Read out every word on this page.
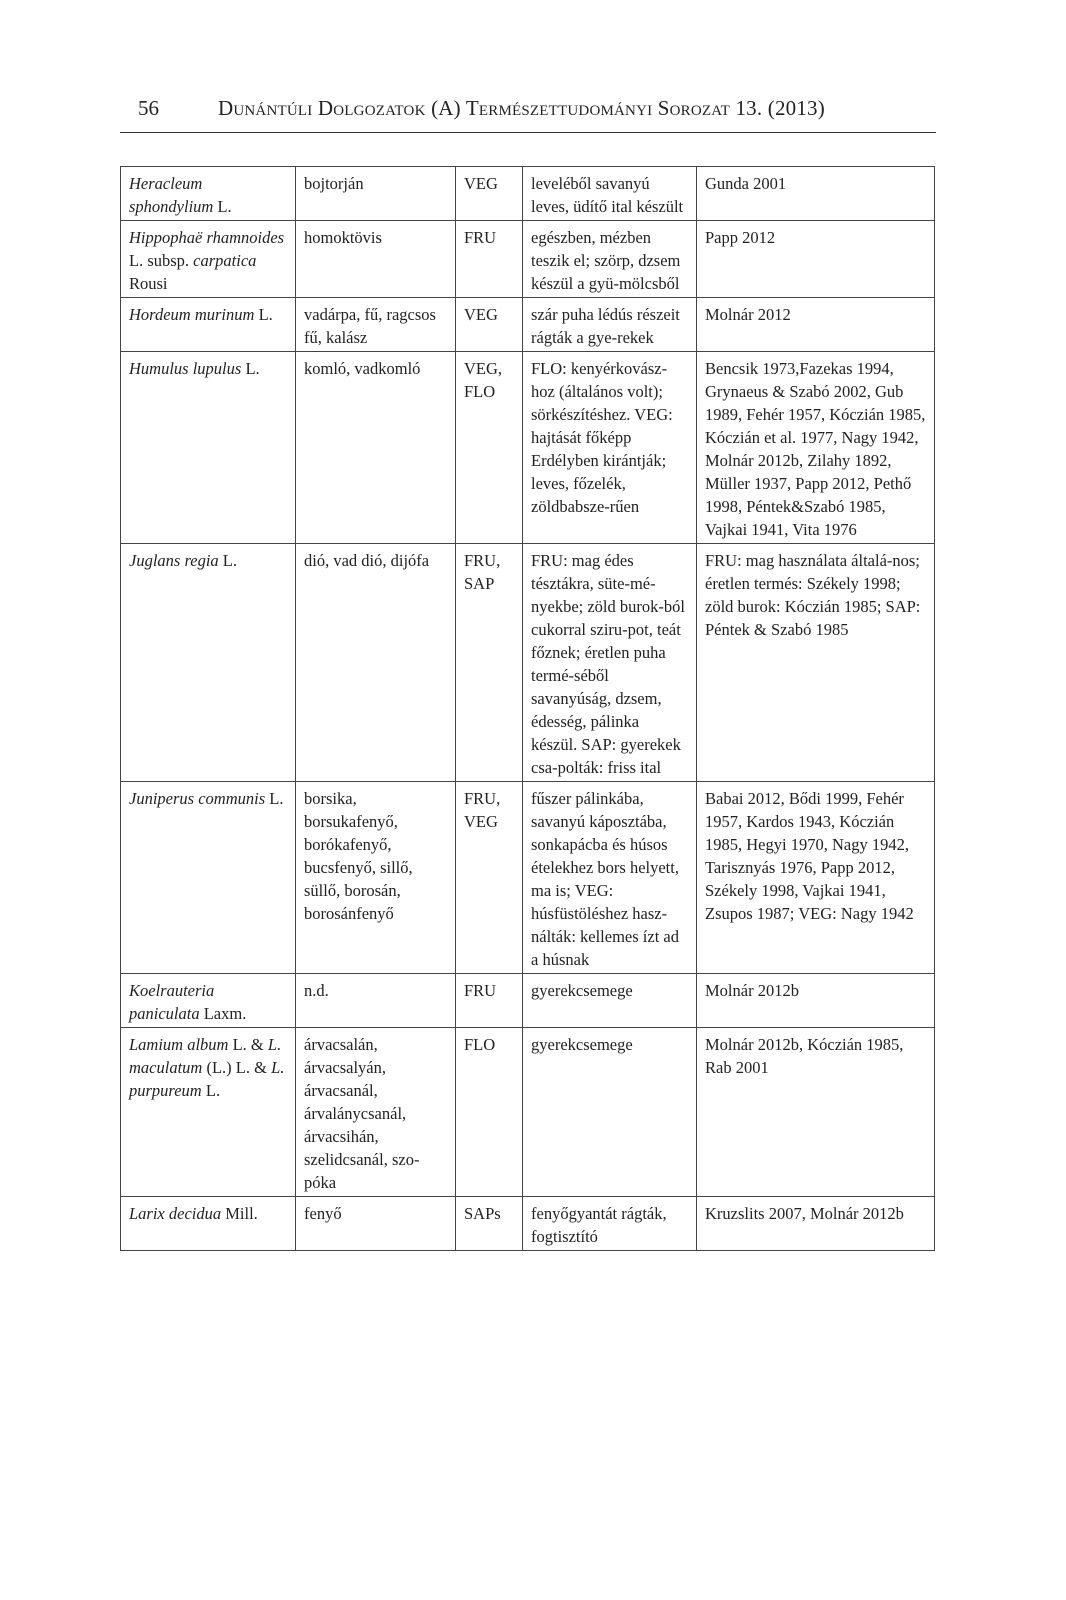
56	Dunántúli Dolgozatok (A) Természettudományi Sorozat 13. (2013)
Heracleum sphondylium L.	bojtorján	VEG	leveléből savanyú leves, üdítő ital készült	Gunda 2001
Hippophaë rhamnoides L. subsp. carpatica Rousi	homoktövis	FRU	egészben, mézben teszik el; szörp, dzsem készül a gyü-mölcsből	Papp 2012
Hordeum murinum L.	vadárpa, fű, ragcsos fű, kalász	VEG	szár puha lédús részeit rágták a gye-rekek	Molnár 2012
Humulus lupulus L.	komló, vadkomló	VEG, FLO	FLO: kenyérkovász-hoz (általános volt); sörkészítéshez. VEG: hajtását főképp Erdélyben kirántják; leves, főzelék, zöldbabsze-rűen	Bencsik 1973,Fazekas 1994, Grynaeus & Szabó 2002, Gub 1989, Fehér 1957, Kóczián 1985, Kóczián et al. 1977, Nagy 1942, Molnár 2012b, Zilahy 1892, Müller 1937, Papp 2012, Pethő 1998, Péntek&Szabó 1985, Vajkai 1941, Vita 1976
Juglans regia L.	dió, vad dió, dijófa	FRU, SAP	FRU: mag édes tésztákra, süte-mé-nyekbe; zöld burok-ból cukorral sziru-pot, teát főznek; éretlen puha termé-séből savanyúság, dzsem, édesség, pálinka készül. SAP: gyerekek csa-polták: friss ital	FRU: mag használata általá-nos; éretlen termés: Székely 1998; zöld burok: Kóczián 1985; SAP: Péntek & Szabó 1985
Juniperus communis L.	borsika, borsukafenyő, borókafenyő, bucsfenyő, sillő, süllő, borosán, borosánfenyő	FRU, VEG	fűszer pálinkába, savanyú káposztába, sonkapácba és húsos ételekhez bors helyett, ma is; VEG: húsfüstöléshez hasz-nálták: kellemes ízt ad a húsnak	Babai 2012, Bődi 1999, Fehér 1957, Kardos 1943, Kóczián 1985, Hegyi 1970, Nagy 1942, Tarisznyás 1976, Papp 2012, Székely 1998, Vajkai 1941, Zsupos 1987; VEG: Nagy 1942
Koelrauteria paniculata Laxm.	n.d.	FRU	gyerekcsemege	Molnár 2012b
Lamium album L. & L. maculatum (L.) L. & L. purpureum L.	árvacsalán, árvacsalyán, árvacsanál, árvalánycsanál, árvacsihán, szelidcsanál, szo-póka	FLO	gyerekcsemege	Molnár 2012b, Kóczián 1985, Rab 2001
Larix decidua Mill.	fenyő	SAPs	fenyőgyantát rágták, fogtisztító	Kruzslits 2007, Molnár 2012b
